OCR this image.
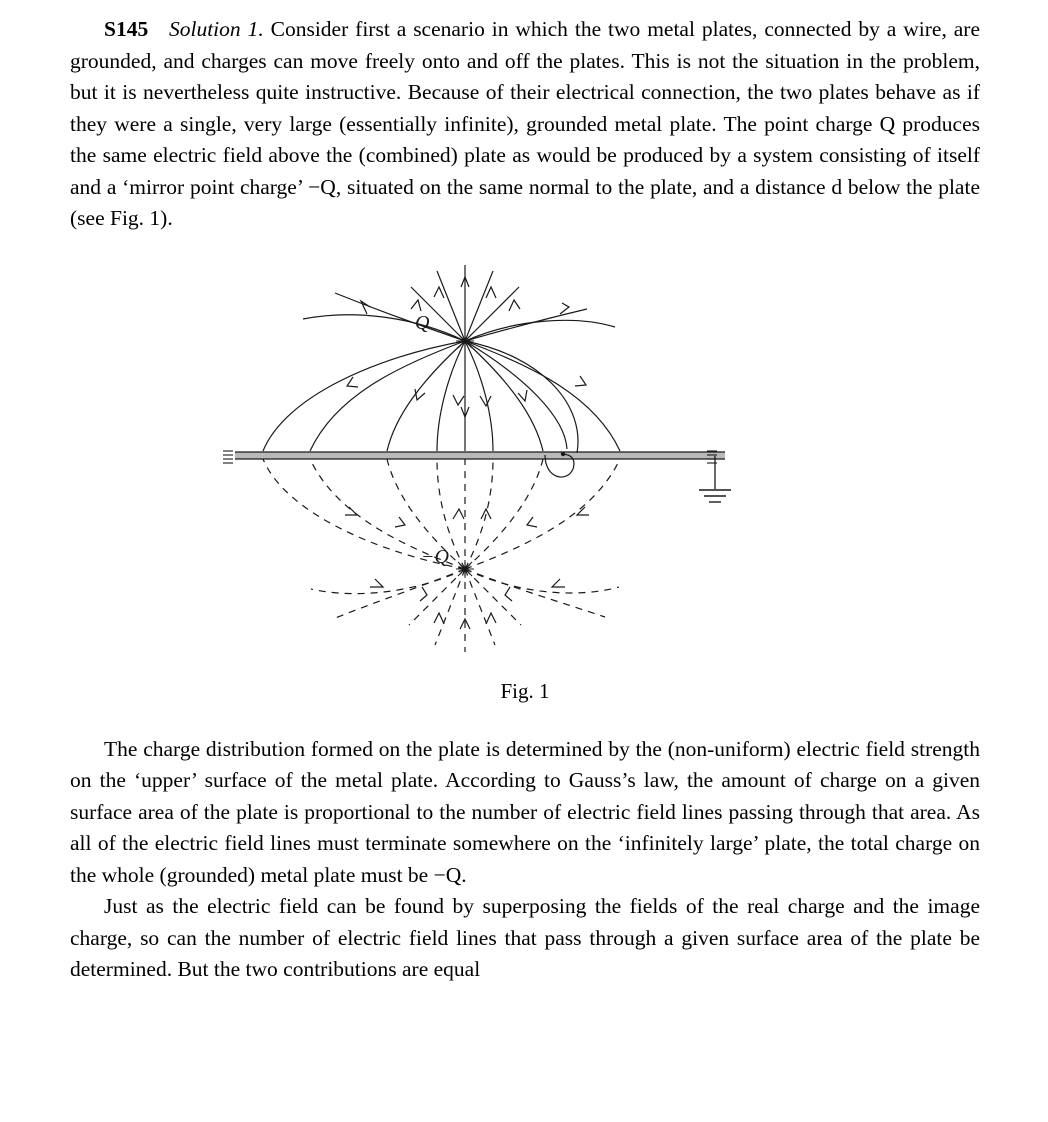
S145 Solution 1. Consider first a scenario in which the two metal plates, connected by a wire, are grounded, and charges can move freely onto and off the plates. This is not the situation in the problem, but it is nevertheless quite instructive. Because of their electrical connection, the two plates behave as if they were a single, very large (essentially infinite), grounded metal plate. The point charge Q produces the same electric field above the (combined) plate as would be produced by a system consisting of itself and a ‘mirror point charge’ −Q, situated on the same normal to the plate, and a distance d below the plate (see Fig. 1).

Q
−Q
Fig. 1

The charge distribution formed on the plate is determined by the (non-uniform) electric field strength on the ‘upper’ surface of the metal plate. According to Gauss’s law, the amount of charge on a given surface area of the plate is proportional to the number of electric field lines passing through that area. As all of the electric field lines must terminate somewhere on the ‘infinitely large’ plate, the total charge on the whole (grounded) metal plate must be −Q.

Just as the electric field can be found by superposing the fields of the real charge and the image charge, so can the number of electric field lines that pass through a given surface area of the plate be determined. But the two contributions are equal
